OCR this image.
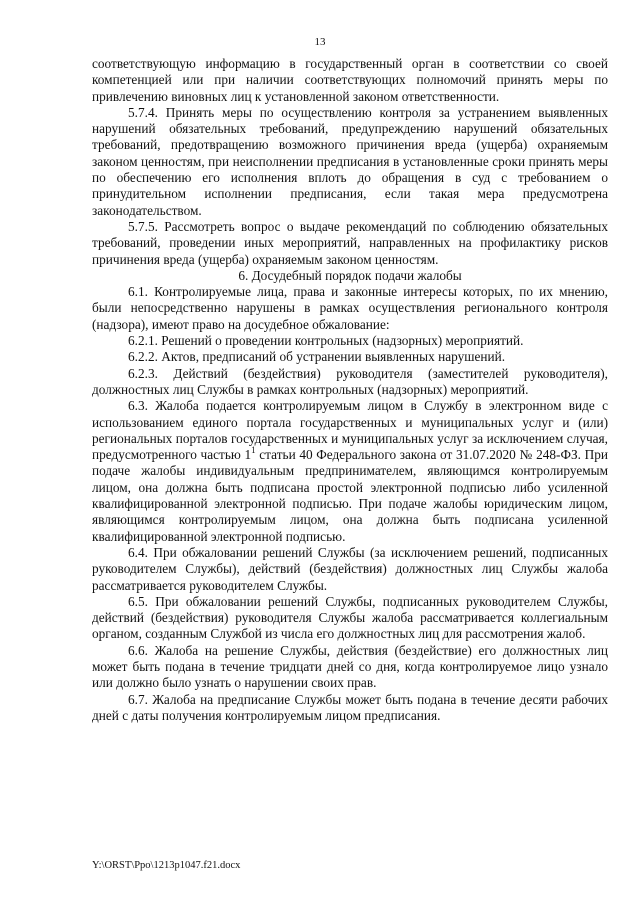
13

соответствующую информацию в государственный орган в соответствии со своей компетенцией или при наличии соответствующих полномочий принять меры по привлечению виновных лиц к установленной законом ответственности.

5.7.4. Принять меры по осуществлению контроля за устранением выявленных нарушений обязательных требований, предупреждению нарушений обязательных требований, предотвращению возможного причинения вреда (ущерба) охраняемым законом ценностям, при неисполнении предписания в установленные сроки принять меры по обеспечению его исполнения вплоть до обращения в суд с требованием о принудительном исполнении предписания, если такая мера предусмотрена законодательством.

5.7.5. Рассмотреть вопрос о выдаче рекомендаций по соблюдению обязательных требований, проведении иных мероприятий, направленных на профилактику рисков причинения вреда (ущерба) охраняемым законом ценностям.

6. Досудебный порядок подачи жалобы

6.1. Контролируемые лица, права и законные интересы которых, по их мнению, были непосредственно нарушены в рамках осуществления регионального контроля (надзора), имеют право на досудебное обжалование:

6.2.1. Решений о проведении контрольных (надзорных) мероприятий.

6.2.2. Актов, предписаний об устранении выявленных нарушений.

6.2.3. Действий (бездействия) руководителя (заместителей руководителя), должностных лиц Службы в рамках контрольных (надзорных) мероприятий.

6.3. Жалоба подается контролируемым лицом в Службу в электронном виде с использованием единого портала государственных и муниципальных услуг и (или) региональных порталов государственных и муниципальных услуг за исключением случая, предусмотренного частью $1^1$ статьи 40 Федерального закона от 31.07.2020 № 248-ФЗ. При подаче жалобы индивидуальным предпринимателем, являющимся контролируемым лицом, она должна быть подписана простой электронной подписью либо усиленной квалифицированной электронной подписью. При подаче жалобы юридическим лицом, являющимся контролируемым лицом, она должна быть подписана усиленной квалифицированной электронной подписью.

6.4. При обжаловании решений Службы (за исключением решений, подписанных руководителем Службы), действий (бездействия) должностных лиц Службы жалоба рассматривается руководителем Службы.

6.5. При обжаловании решений Службы, подписанных руководителем Службы, действий (бездействия) руководителя Службы жалоба рассматривается коллегиальным органом, созданным Службой из числа его должностных лиц для рассмотрения жалоб.

6.6. Жалоба на решение Службы, действия (бездействие) его должностных лиц может быть подана в течение тридцати дней со дня, когда контролируемое лицо узнало или должно было узнать о нарушении своих прав.

6.7. Жалоба на предписание Службы может быть подана в течение десяти рабочих дней с даты получения контролируемым лицом предписания.

Y:\ORST\Ppo\1213p1047.f21.docx
